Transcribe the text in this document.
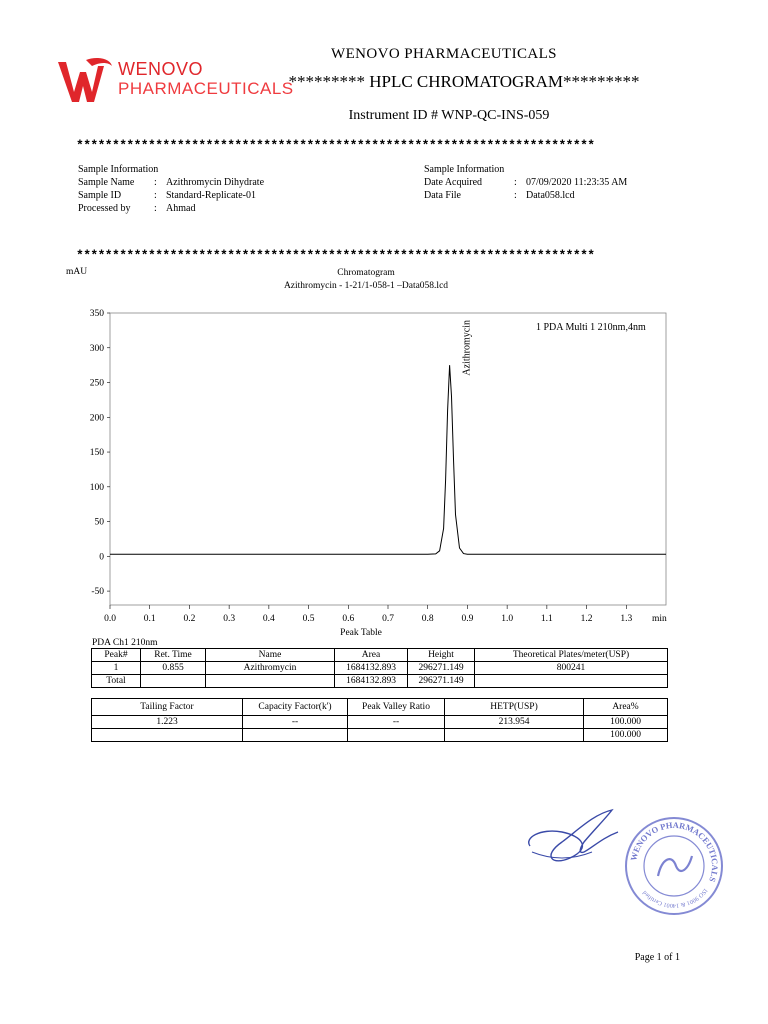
WENOVO
PHARMACEUTICALS
WENOVO PHARMACEUTICALS
********* HPLC CHROMATOGRAM*********
Instrument ID # WNP-QC-INS-059
************************************************************************
Sample Information
Sample Name	: Azithromycin Dihydrate
Sample ID	: Standard-Replicate-01
Processed by	: Ahmad
Sample Information
Date Acquired	: 07/09/2020 11:23:35 AM
Data File	: Data058.lcd
************************************************************************
mAU	Chromatogram
Azithromycin - 1-21/1-058-1 –Data058.lcd
350
300
250
200
150
100
50
0
-50
0.0	0.1	0.2	0.3	0.4	0.5	0.6	0.7	0.8	0.9	1.0	1.1	1.2	1.3
Azithromycin	1 PDA Multi 1 210nm,4nm
min
Peak Table
PDA Ch1 210nm
Peak#	Ret. Time	Name	Area	Height	Theoretical Plates/meter(USP)
1	0.855	Azithromycin	1684132.893	296271.149	800241
Total			1684132.893	296271.149	
Tailing Factor	Capacity Factor(k')	Peak Valley Ratio	HETP(USP)	Area%
1.223	--	--	213.954	100.000
				100.000
WENOVO PHARMACEUTICALS
ISO 9001 & 14001 Certified
Page 1 of 1
